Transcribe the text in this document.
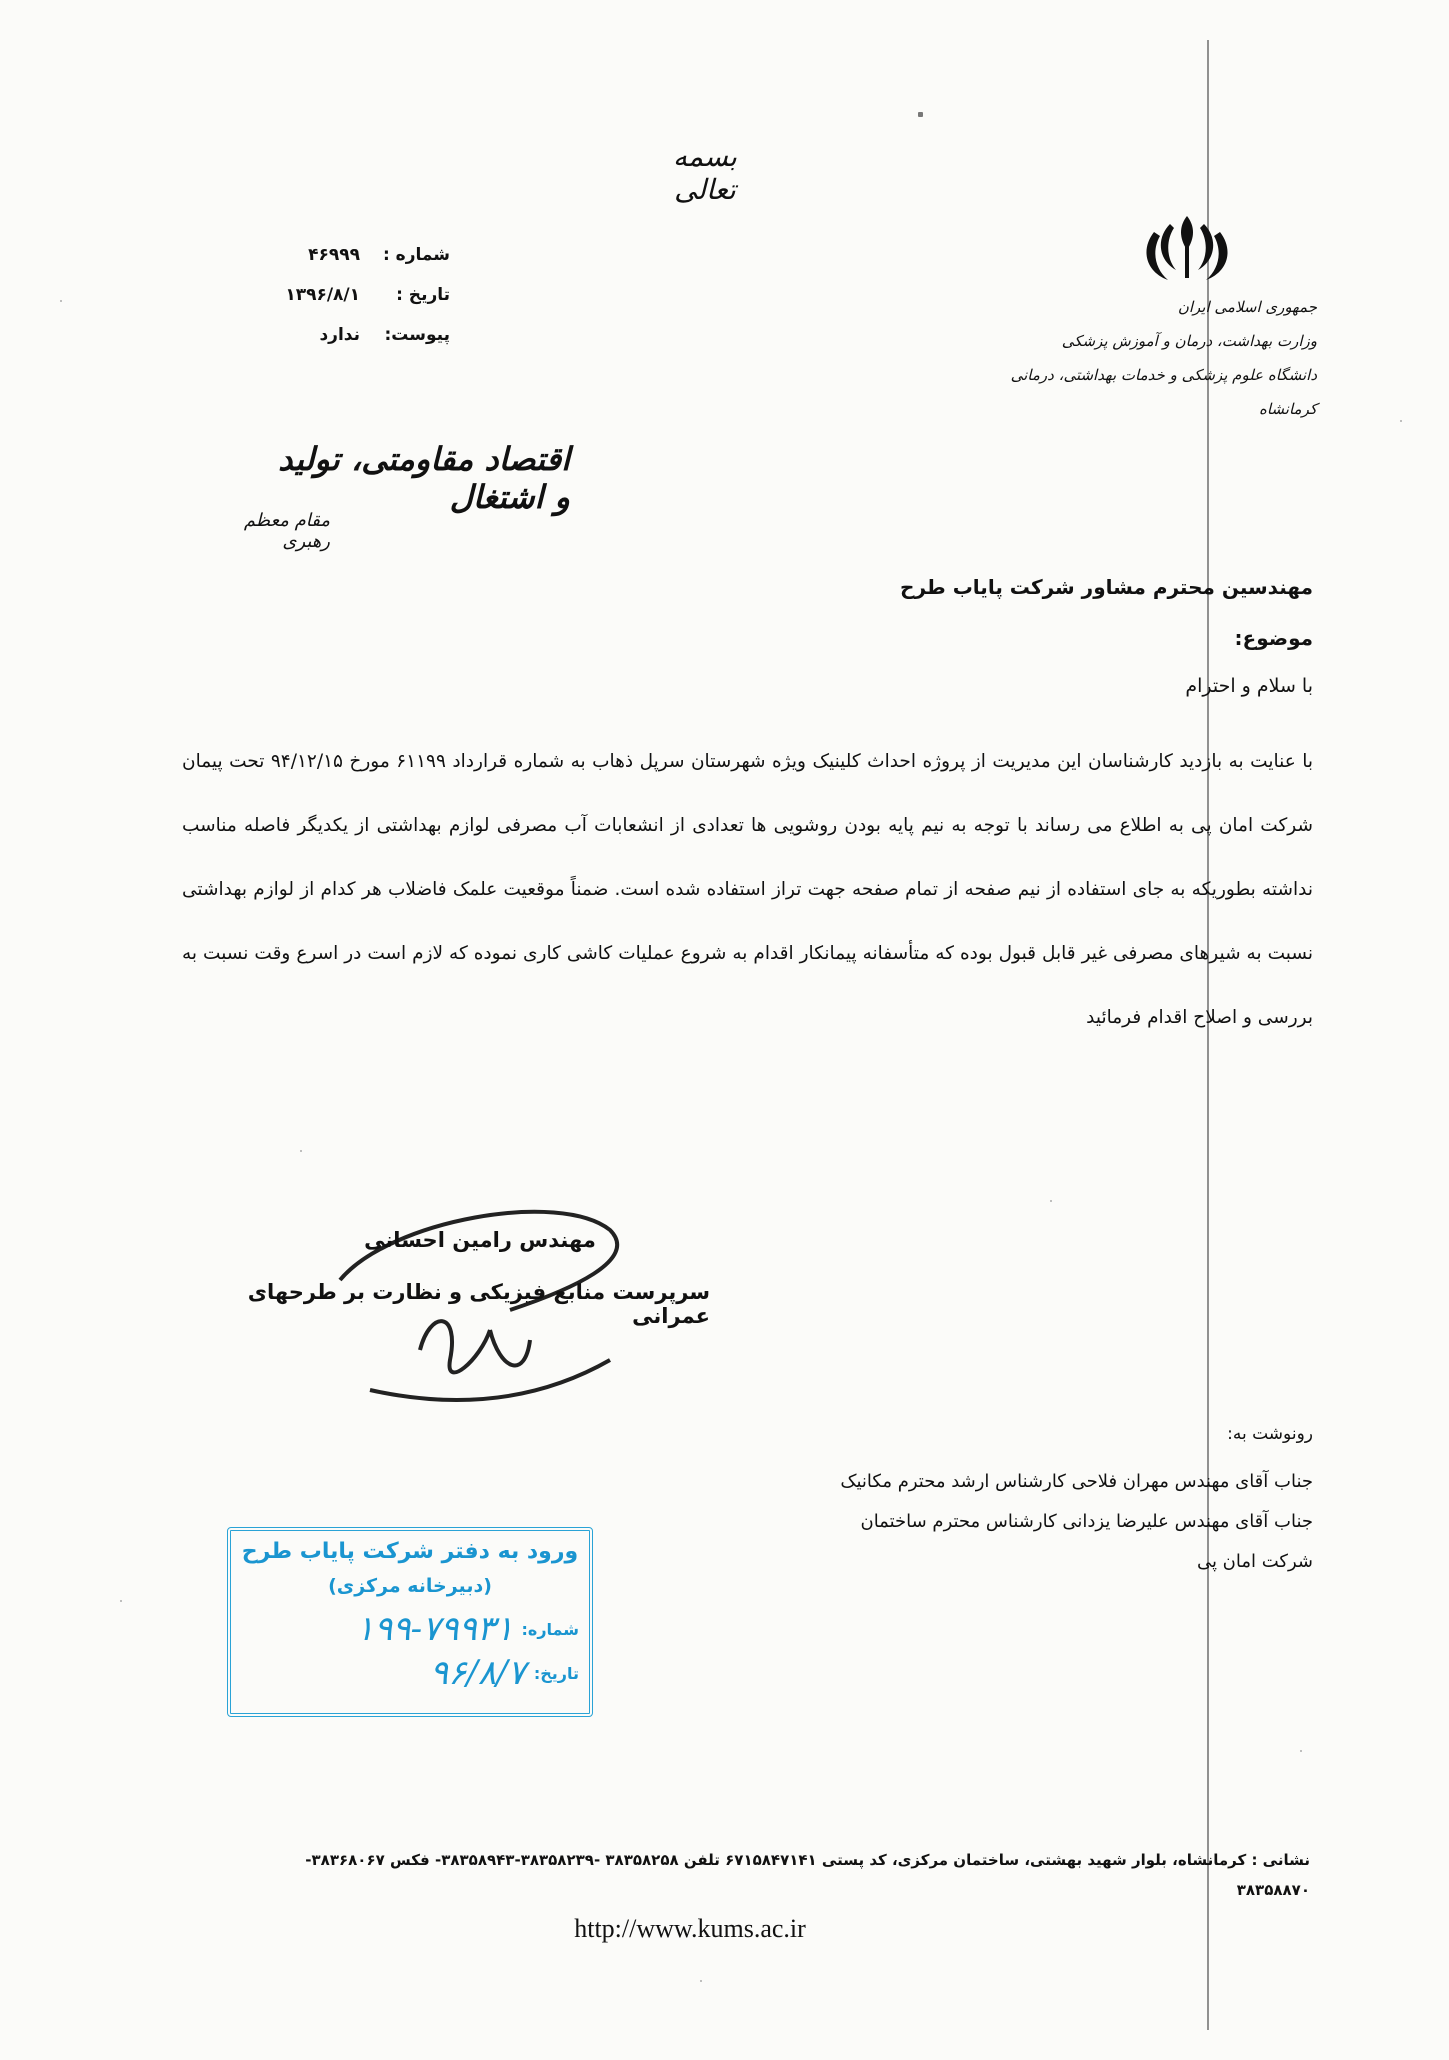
بسمه تعالی
جمهوری اسلامی ایران
وزارت بهداشت، درمان و آموزش پزشکی
دانشگاه علوم پزشکی و خدمات بهداشتی، درمانی کرمانشاه
شماره :
۴۶۹۹۹
تاریخ :
۱۳۹۶/۸/۱
پیوست:
ندارد
اقتصاد مقاومتی، تولید و اشتغال
مقام معظم رهبری
مهندسین محترم مشاور شرکت پایاب طرح
موضوع:
با سلام و احترام
با عنایت به بازدید کارشناسان این مدیریت از پروژه احداث کلینیک ویژه شهرستان سرپل ذهاب به شماره قرارداد ۶۱۱۹۹ مورخ ۹۴/۱۲/۱۵ تحت پیمان شرکت امان پی به اطلاع می رساند با توجه به نیم پایه بودن روشویی ها تعدادی از انشعابات آب مصرفی لوازم بهداشتی از یکدیگر فاصله مناسب نداشته بطوریکه به جای استفاده از نیم صفحه از تمام صفحه جهت تراز استفاده شده است. ضمناً موقعیت علمک فاضلاب هر کدام از لوازم بهداشتی نسبت به شیرهای مصرفی غیر قابل قبول بوده که متأسفانه پیمانکار اقدام به شروع عملیات کاشی کاری نموده که لازم است در اسرع وقت نسبت به بررسی و اصلاح اقدام فرمائید
مهندس رامین احسانی
سرپرست منابع فیزیکی و نظارت بر طرحهای عمرانی
رونوشت به:
جناب آقای مهندس مهران فلاحی کارشناس ارشد محترم مکانیک
جناب آقای مهندس علیرضا یزدانی کارشناس محترم ساختمان
شرکت امان پی
ورود به دفتر شرکت پایاب طرح
(دبیرخانه مرکزی)
شماره:
۱۹۹-۷۹۹۳۱
تاریخ:
۹۶/۸/۷
نشانی : کرمانشاه، بلوار شهید بهشتی، ساختمان مرکزی، کد پستی ۶۷۱۵۸۴۷۱۴۱ تلفن ۳۸۳۵۸۲۵۸ -۳۸۳۵۸۲۳۹-۳۸۳۵۸۹۴۳- فکس ۳۸۳۶۸۰۶۷-
۳۸۳۵۸۸۷۰
http://www.kums.ac.ir
